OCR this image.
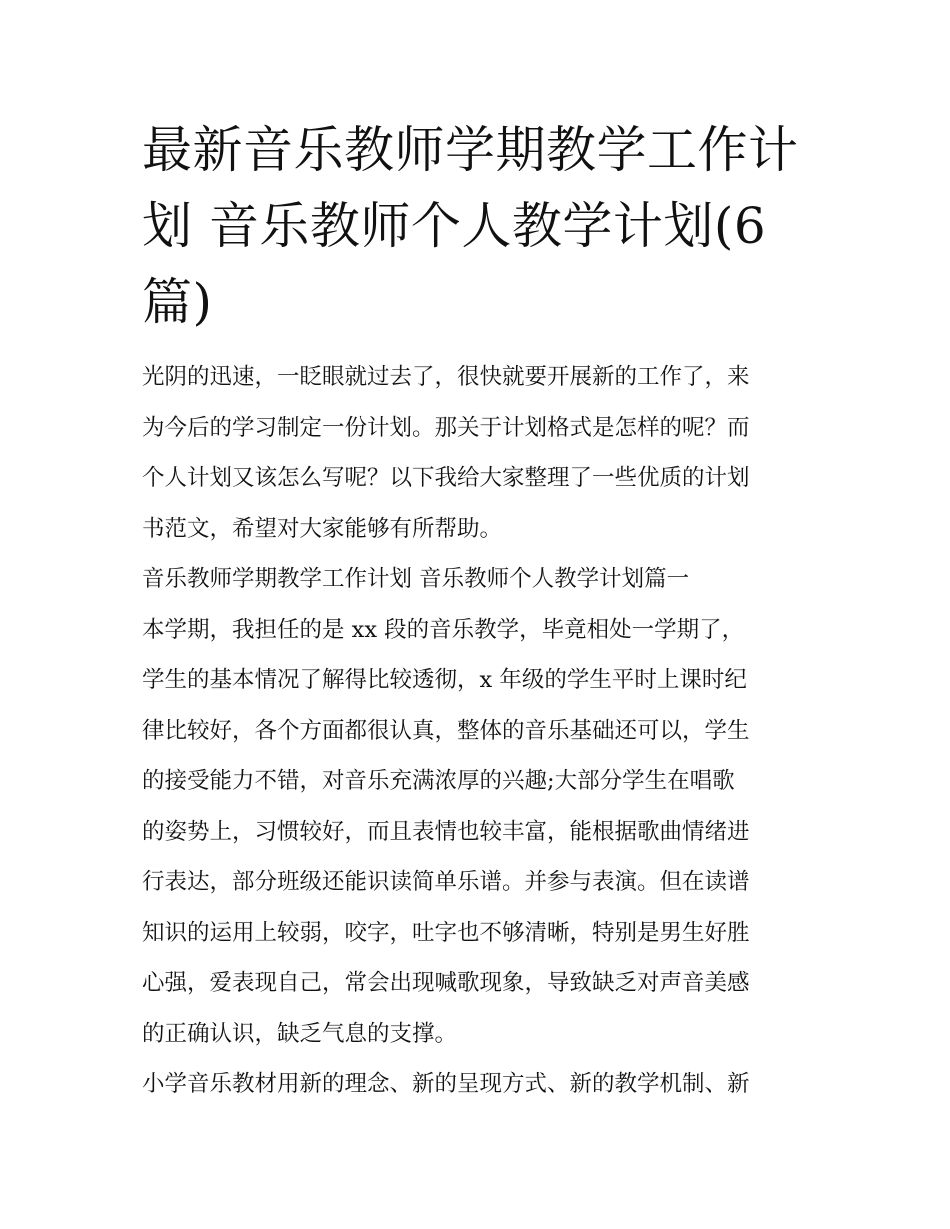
最新音乐教师学期教学工作计
划 音乐教师个人教学计划(6
篇)
光阴的迅速，一眨眼就过去了，很快就要开展新的工作了，来
为今后的学习制定一份计划。那关于计划格式是怎样的呢？而
个人计划又该怎么写呢？以下我给大家整理了一些优质的计划
书范文，希望对大家能够有所帮助。
音乐教师学期教学工作计划 音乐教师个人教学计划篇一
本学期，我担任的是 xx 段的音乐教学，毕竟相处一学期了，
学生的基本情况了解得比较透彻，x 年级的学生平时上课时纪
律比较好，各个方面都很认真，整体的音乐基础还可以，学生
的接受能力不错，对音乐充满浓厚的兴趣;大部分学生在唱歌
的姿势上，习惯较好，而且表情也较丰富，能根据歌曲情绪进
行表达，部分班级还能识读简单乐谱。并参与表演。但在读谱
知识的运用上较弱，咬字，吐字也不够清晰，特别是男生好胜
心强，爱表现自己，常会出现喊歌现象，导致缺乏对声音美感
的正确认识，缺乏气息的支撑。
小学音乐教材用新的理念、新的呈现方式、新的教学机制、新
